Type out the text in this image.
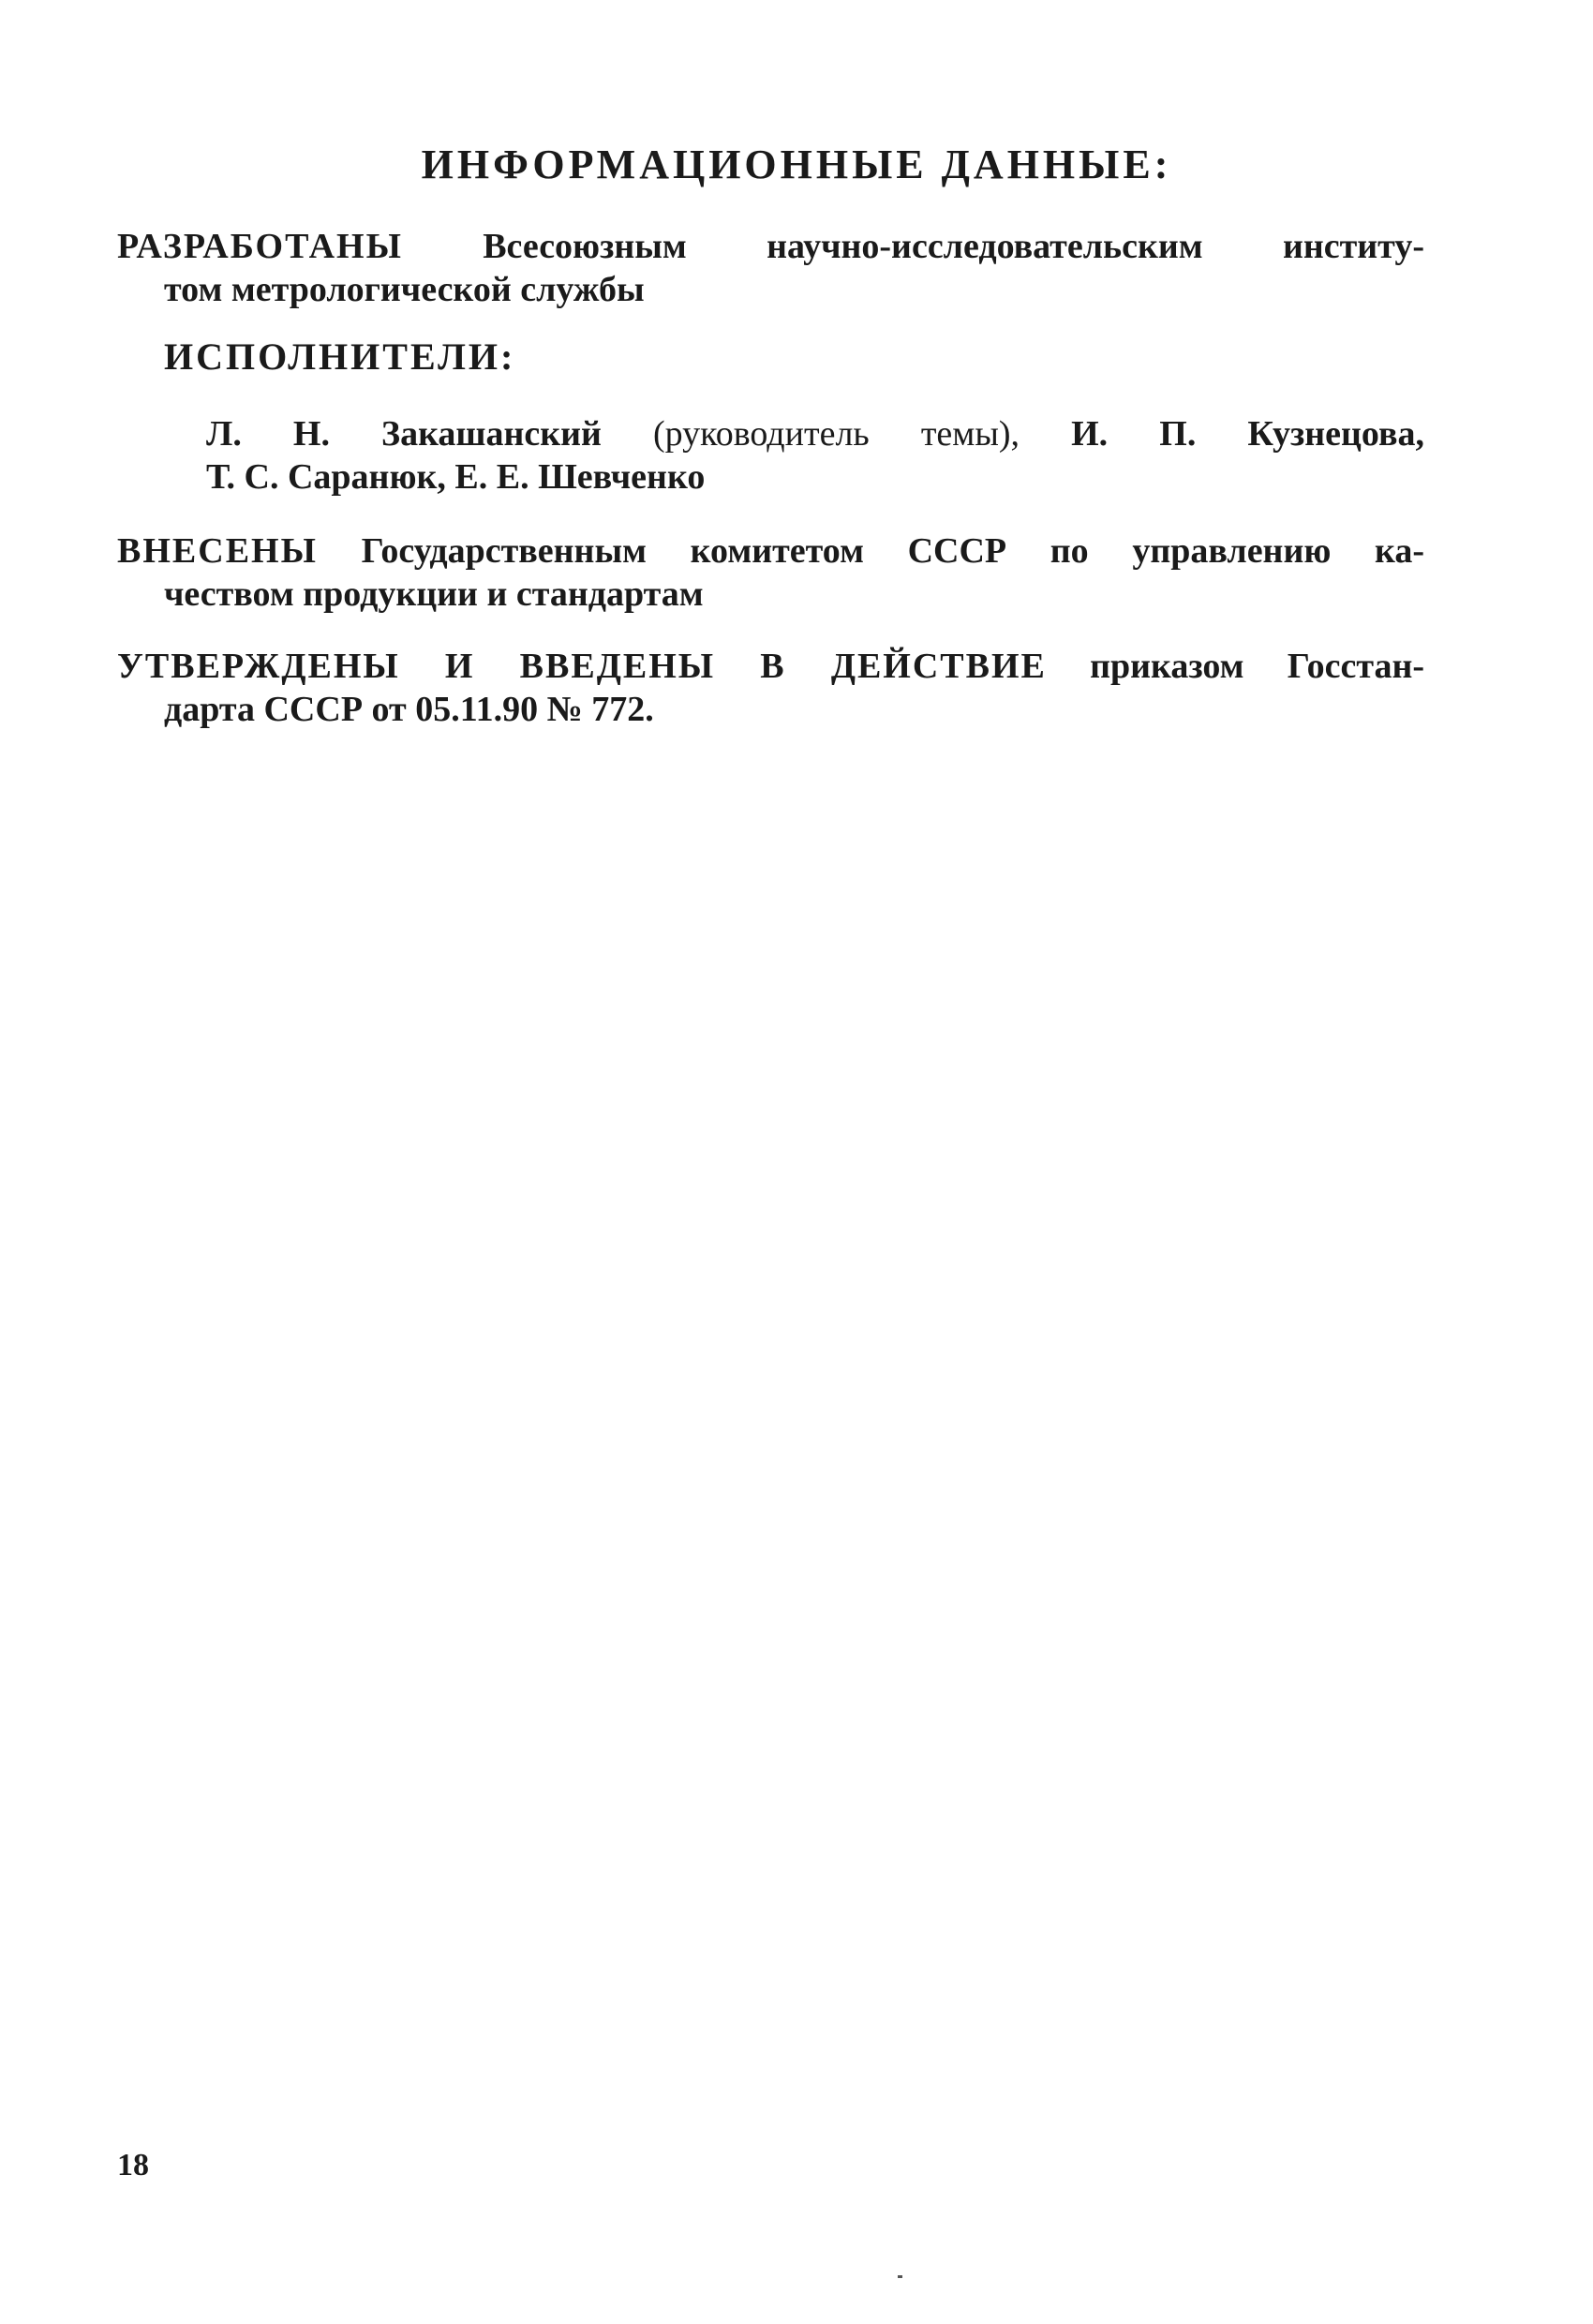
ИНФОРМАЦИОННЫЕ ДАННЫЕ:
РАЗРАБОТАНЫ Всесоюзным научно-исследовательским институ-
том метрологической службы
ИСПОЛНИТЕЛИ:
Л. Н. Закашанский (руководитель темы), И. П. Кузнецова,
Т. С. Саранюк, Е. Е. Шевченко
ВНЕСЕНЫ Государственным комитетом СССР по управлению ка-
чеством продукции и стандартам
УТВЕРЖДЕНЫ И ВВЕДЕНЫ В ДЕЙСТВИЕ приказом Госстан-
дарта СССР от 05.11.90 № 772.
18
